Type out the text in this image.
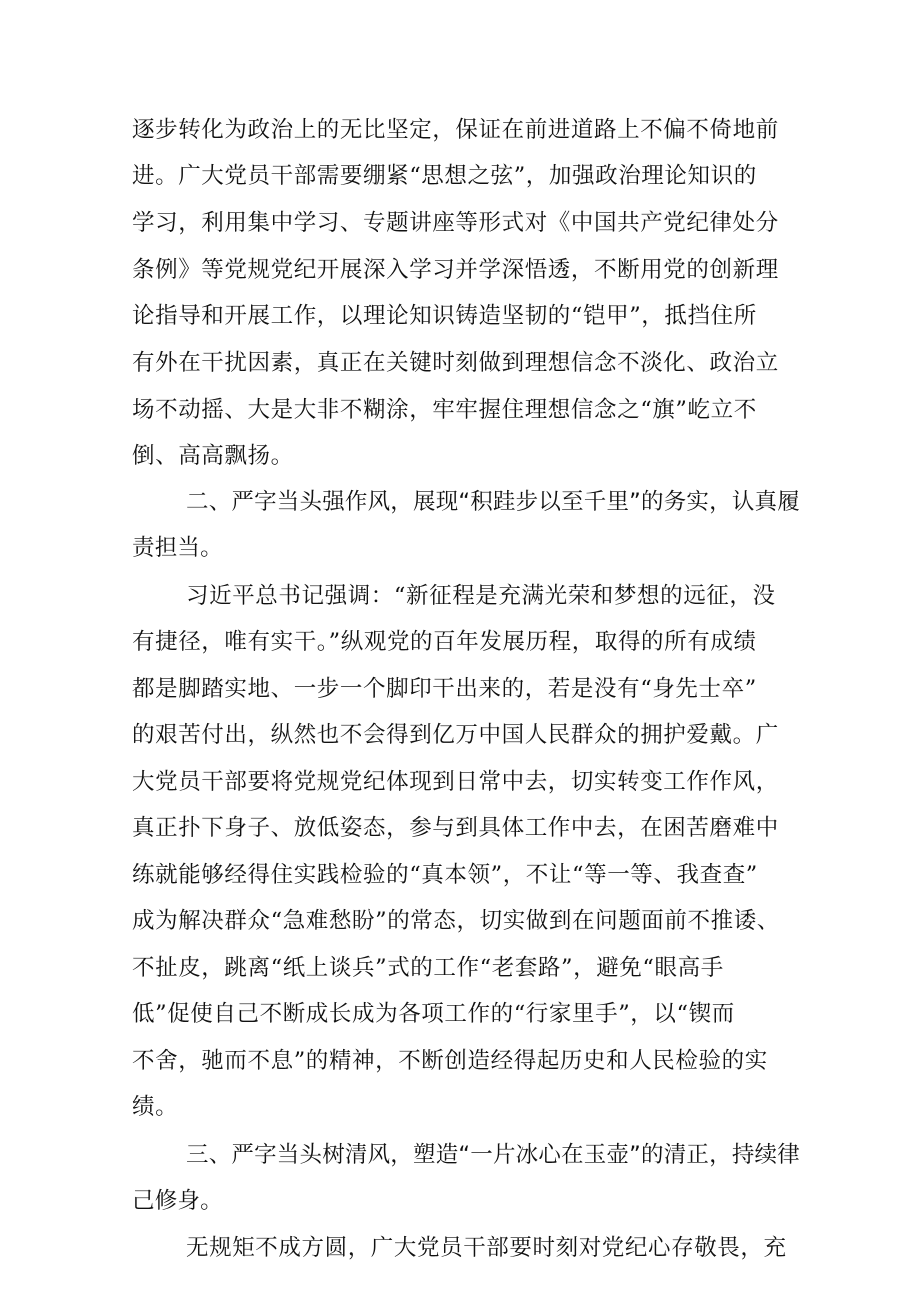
逐步转化为政治上的无比坚定，保证在前进道路上不偏不倚地前
进。广大党员干部需要绷紧“思想之弦”，加强政治理论知识的
学习，利用集中学习、专题讲座等形式对《中国共产党纪律处分
条例》等党规党纪开展深入学习并学深悟透，不断用党的创新理
论指导和开展工作，以理论知识铸造坚韧的“铠甲”，抵挡住所
有外在干扰因素，真正在关键时刻做到理想信念不淡化、政治立
场不动摇、大是大非不糊涂，牢牢握住理想信念之“旗”屹立不
倒、高高飘扬。
二、严字当头强作风，展现“积跬步以至千里”的务实，认真履
责担当。
习近平总书记强调：“新征程是充满光荣和梦想的远征，没
有捷径，唯有实干。”纵观党的百年发展历程，取得的所有成绩
都是脚踏实地、一步一个脚印干出来的，若是没有“身先士卒”
的艰苦付出，纵然也不会得到亿万中国人民群众的拥护爱戴。广
大党员干部要将党规党纪体现到日常中去，切实转变工作作风，
真正扑下身子、放低姿态，参与到具体工作中去，在困苦磨难中
练就能够经得住实践检验的“真本领”，不让“等一等、我查查”
成为解决群众“急难愁盼”的常态，切实做到在问题面前不推诿、
不扯皮，跳离“纸上谈兵”式的工作“老套路”，避免“眼高手
低”促使自己不断成长成为各项工作的“行家里手”，以“锲而
不舍，驰而不息”的精神，不断创造经得起历史和人民检验的实
绩。
三、严字当头树清风，塑造“一片冰心在玉壶”的清正，持续律
己修身。
无规矩不成方圆，广大党员干部要时刻对党纪心存敬畏，充
